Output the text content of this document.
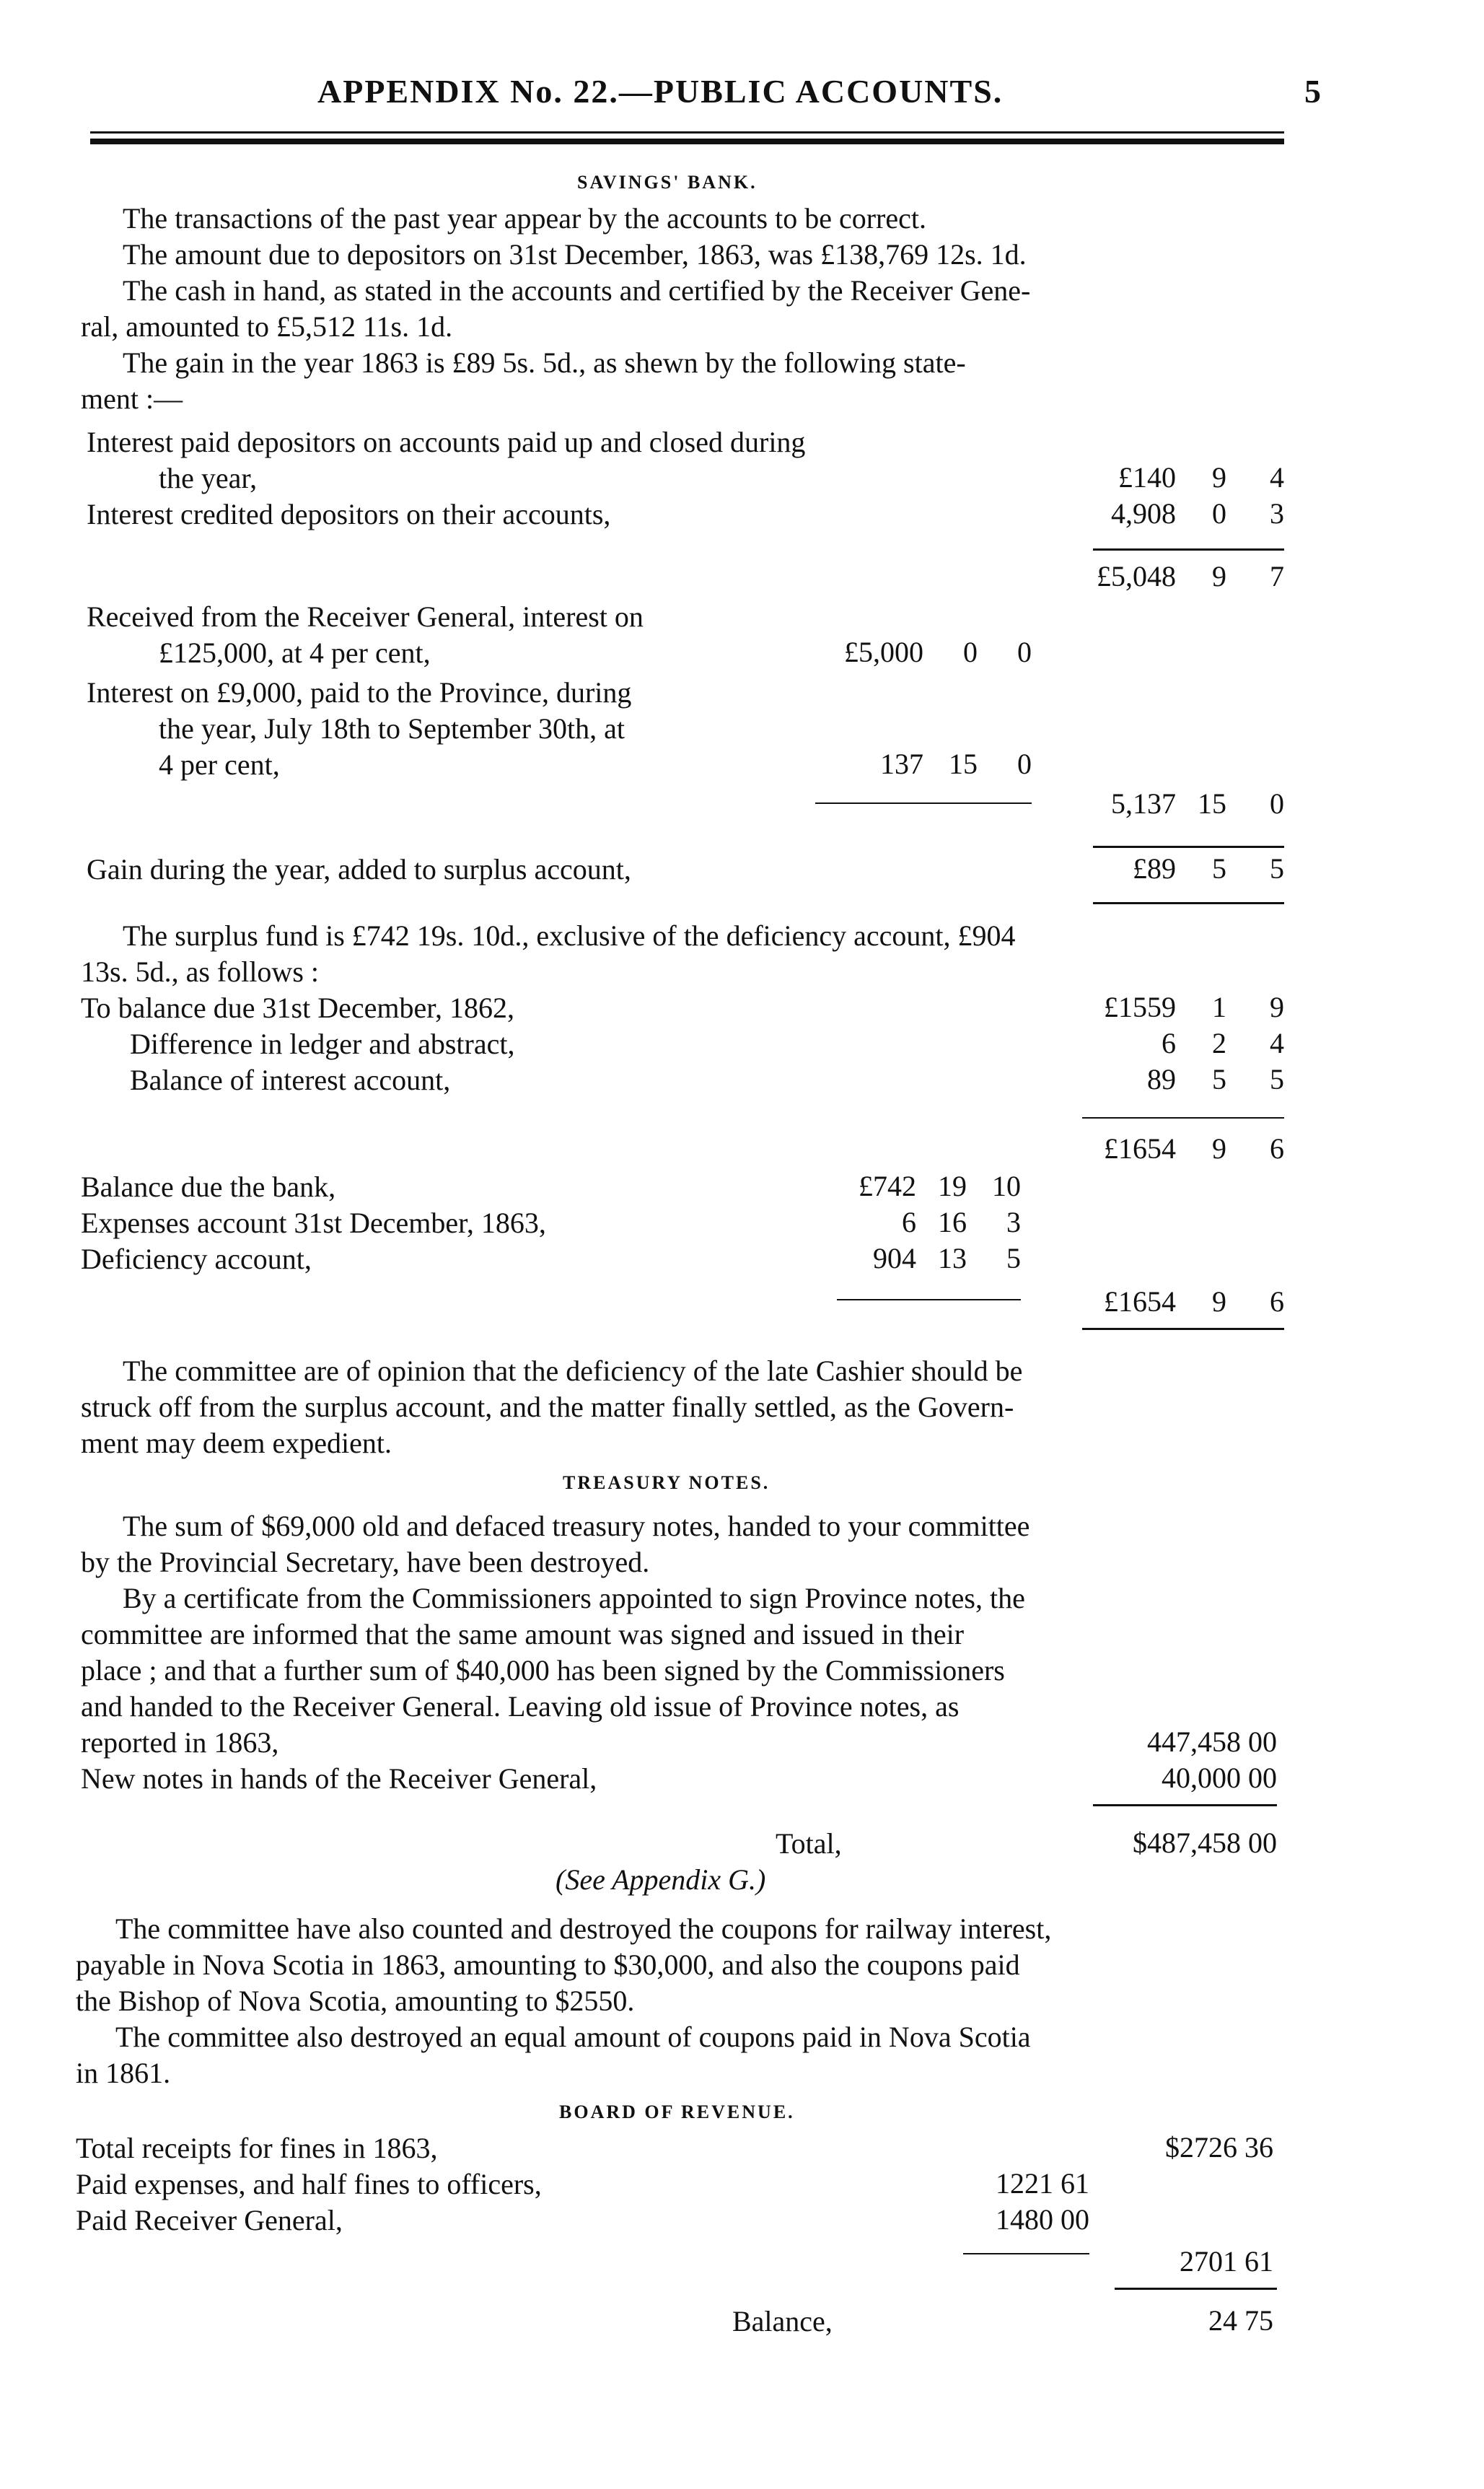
APPENDIX No. 22.—PUBLIC ACCOUNTS.	5
SAVINGS' BANK.
The transactions of the past year appear by the accounts to be correct.
The amount due to depositors on 31st December, 1863, was £138,769 12s. 1d.
The cash in hand, as stated in the accounts and certified by the Receiver Gene-
ral, amounted to £5,512 11s. 1d.
The gain in the year 1863 is £89 5s. 5d., as shewn by the following state-
ment :—
Interest paid depositors on accounts paid up and closed during
the year,	£140	9	4
Interest credited depositors on their accounts,	4,908	0	3
£5,048	9	7
Received from the Receiver General, interest on
£125,000, at 4 per cent,	£5,000	0	0
Interest on £9,000, paid to the Province, during
the year, July 18th to September 30th, at
4 per cent,	137 15	0
5,137 15	0
Gain during the year, added to surplus account,	£89	5	5
The surplus fund is £742 19s. 10d., exclusive of the deficiency account, £904
13s. 5d., as follows :
To balance due 31st December, 1862,	£1559	1	9
Difference in ledger and abstract,	6	2	4
Balance of interest account,	89	5	5
£1654	9	6
Balance due the bank,	£742 19 10
Expenses account 31st December, 1863,	6 16	3
Deficiency account,	904 13	5
£1654	9	6
The committee are of opinion that the deficiency of the late Cashier should be
struck off from the surplus account, and the matter finally settled, as the Govern-
ment may deem expedient.
TREASURY NOTES.
The sum of $69,000 old and defaced treasury notes, handed to your committee
by the Provincial Secretary, have been destroyed.
By a certificate from the Commissioners appointed to sign Province notes, the
committee are informed that the same amount was signed and issued in their
place ; and that a further sum of $40,000 has been signed by the Commissioners
and handed to the Receiver General. Leaving old issue of Province notes, as
reported in 1863,	447,458 00
New notes in hands of the Receiver General,	40,000 00
Total,	$487,458 00
(See Appendix G.)
The committee have also counted and destroyed the coupons for railway interest,
payable in Nova Scotia in 1863, amounting to $30,000, and also the coupons paid
the Bishop of Nova Scotia, amounting to $2550.
The committee also destroyed an equal amount of coupons paid in Nova Scotia
in 1861.
BOARD OF REVENUE.
Total receipts for fines in 1863,	$2726 36
Paid expenses, and half fines to officers,	1221 61
Paid Receiver General,	1480 00
2701 61
Balance,	24 75
